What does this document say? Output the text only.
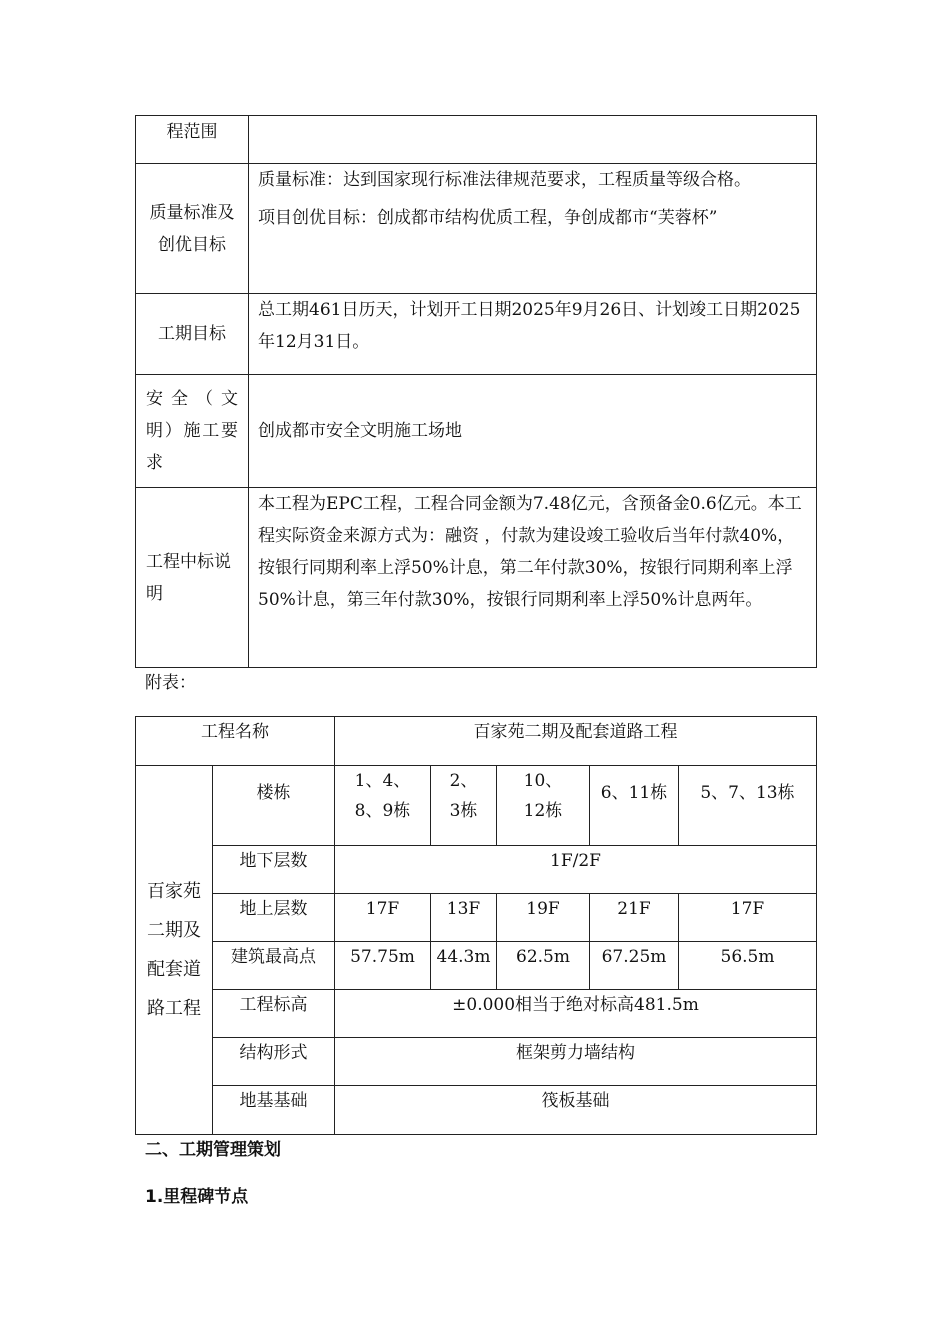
程范围	

质量标准及创优目标	质量标准：达到国家现行标准法律规范要求，工程质量等级合格。
项目创优目标：创成都市结构优质工程，争创成都市“芙蓉杯”

工期目标	总工期461日历天，计划开工日期2025年9月26日、计划竣工日期2025年12月31日。

安全（文明）施工要求	创成都市安全文明施工场地

工程中标说明	本工程为EPC工程，工程合同金额为7.48亿元，含预备金0.6亿元。本工程实际资金来源方式为：融资 ，付款为建设竣工验收后当年付款40%，按银行同期利率上浮50%计息，第二年付款30%，按银行同期利率上浮50%计息，第三年付款30%，按银行同期利率上浮50%计息两年。
附表：
工程名称		百家苑二期及配套道路工程				

百家苑二期及配套道路工程	楼栋	1、4、8、9栋	2、3栋	10、12栋	6、11栋	5、7、13栋
	地下层数	1F/2F				
	地上层数	17F	13F	19F	21F	17F
	建筑最高点	57.75m	44.3m	62.5m	67.25m	56.5m
	工程标高	±0.000相当于绝对标高481.5m				
	结构形式	框架剪力墙结构				
	地基基础	筏板基础				
二、工期管理策划
1.里程碑节点
